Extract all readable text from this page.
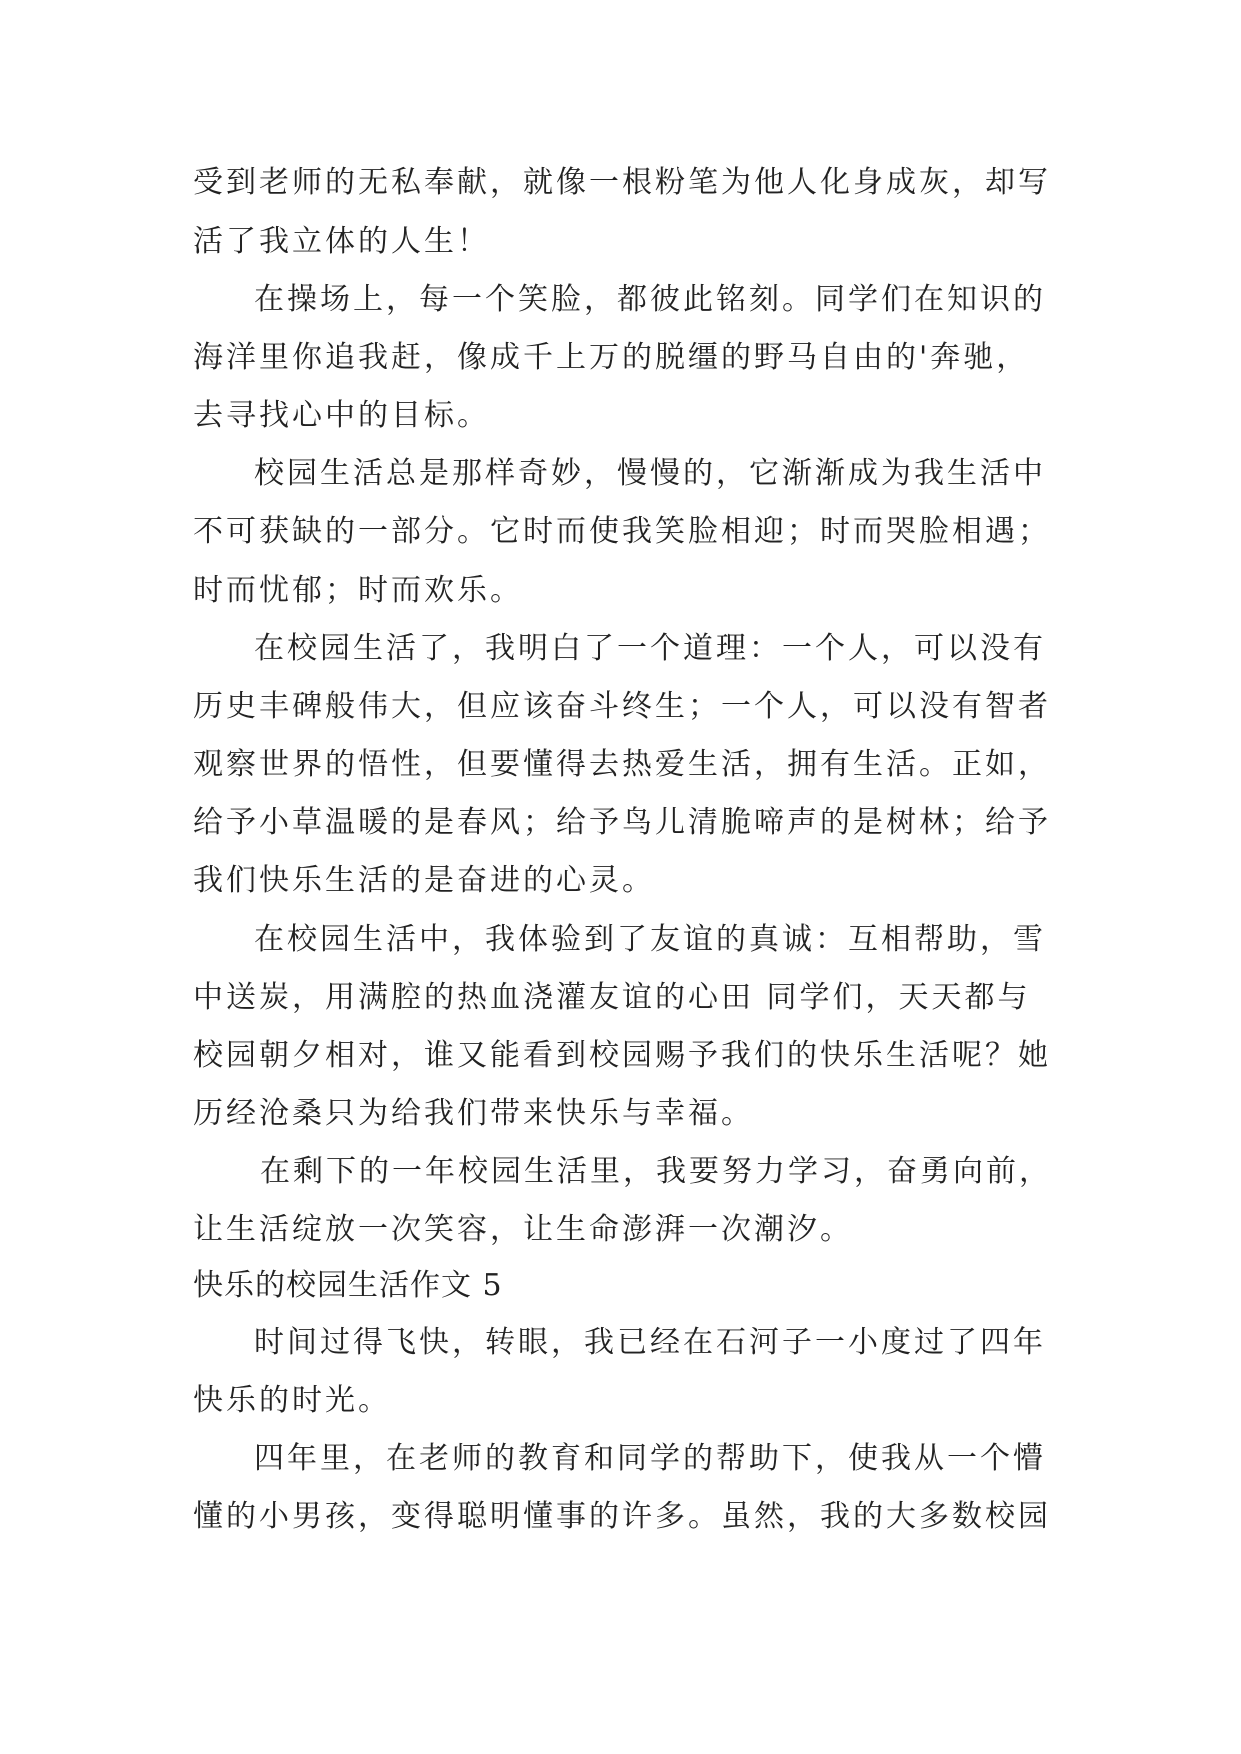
受到老师的无私奉献，就像一根粉笔为他人化身成灰，却写
活了我立体的人生！
在操场上，每一个笑脸，都彼此铭刻。同学们在知识的
海洋里你追我赶，像成千上万的脱缰的野马自由的'奔驰，
去寻找心中的目标。
校园生活总是那样奇妙，慢慢的，它渐渐成为我生活中
不可获缺的一部分。它时而使我笑脸相迎；时而哭脸相遇；
时而忧郁；时而欢乐。
在校园生活了，我明白了一个道理：一个人，可以没有
历史丰碑般伟大，但应该奋斗终生；一个人，可以没有智者
观察世界的悟性，但要懂得去热爱生活，拥有生活。正如，
给予小草温暖的是春风；给予鸟儿清脆啼声的是树林；给予
我们快乐生活的是奋进的心灵。
在校园生活中，我体验到了友谊的真诚：互相帮助，雪
中送炭，用满腔的热血浇灌友谊的心田 同学们，天天都与
校园朝夕相对，谁又能看到校园赐予我们的快乐生活呢？她
历经沧桑只为给我们带来快乐与幸福。
在剩下的一年校园生活里，我要努力学习，奋勇向前，
让生活绽放一次笑容，让生命澎湃一次潮汐。
快乐的校园生活作文 5
时间过得飞快，转眼，我已经在石河子一小度过了四年
快乐的时光。
四年里，在老师的教育和同学的帮助下，使我从一个懵
懂的小男孩，变得聪明懂事的许多。虽然，我的大多数校园
